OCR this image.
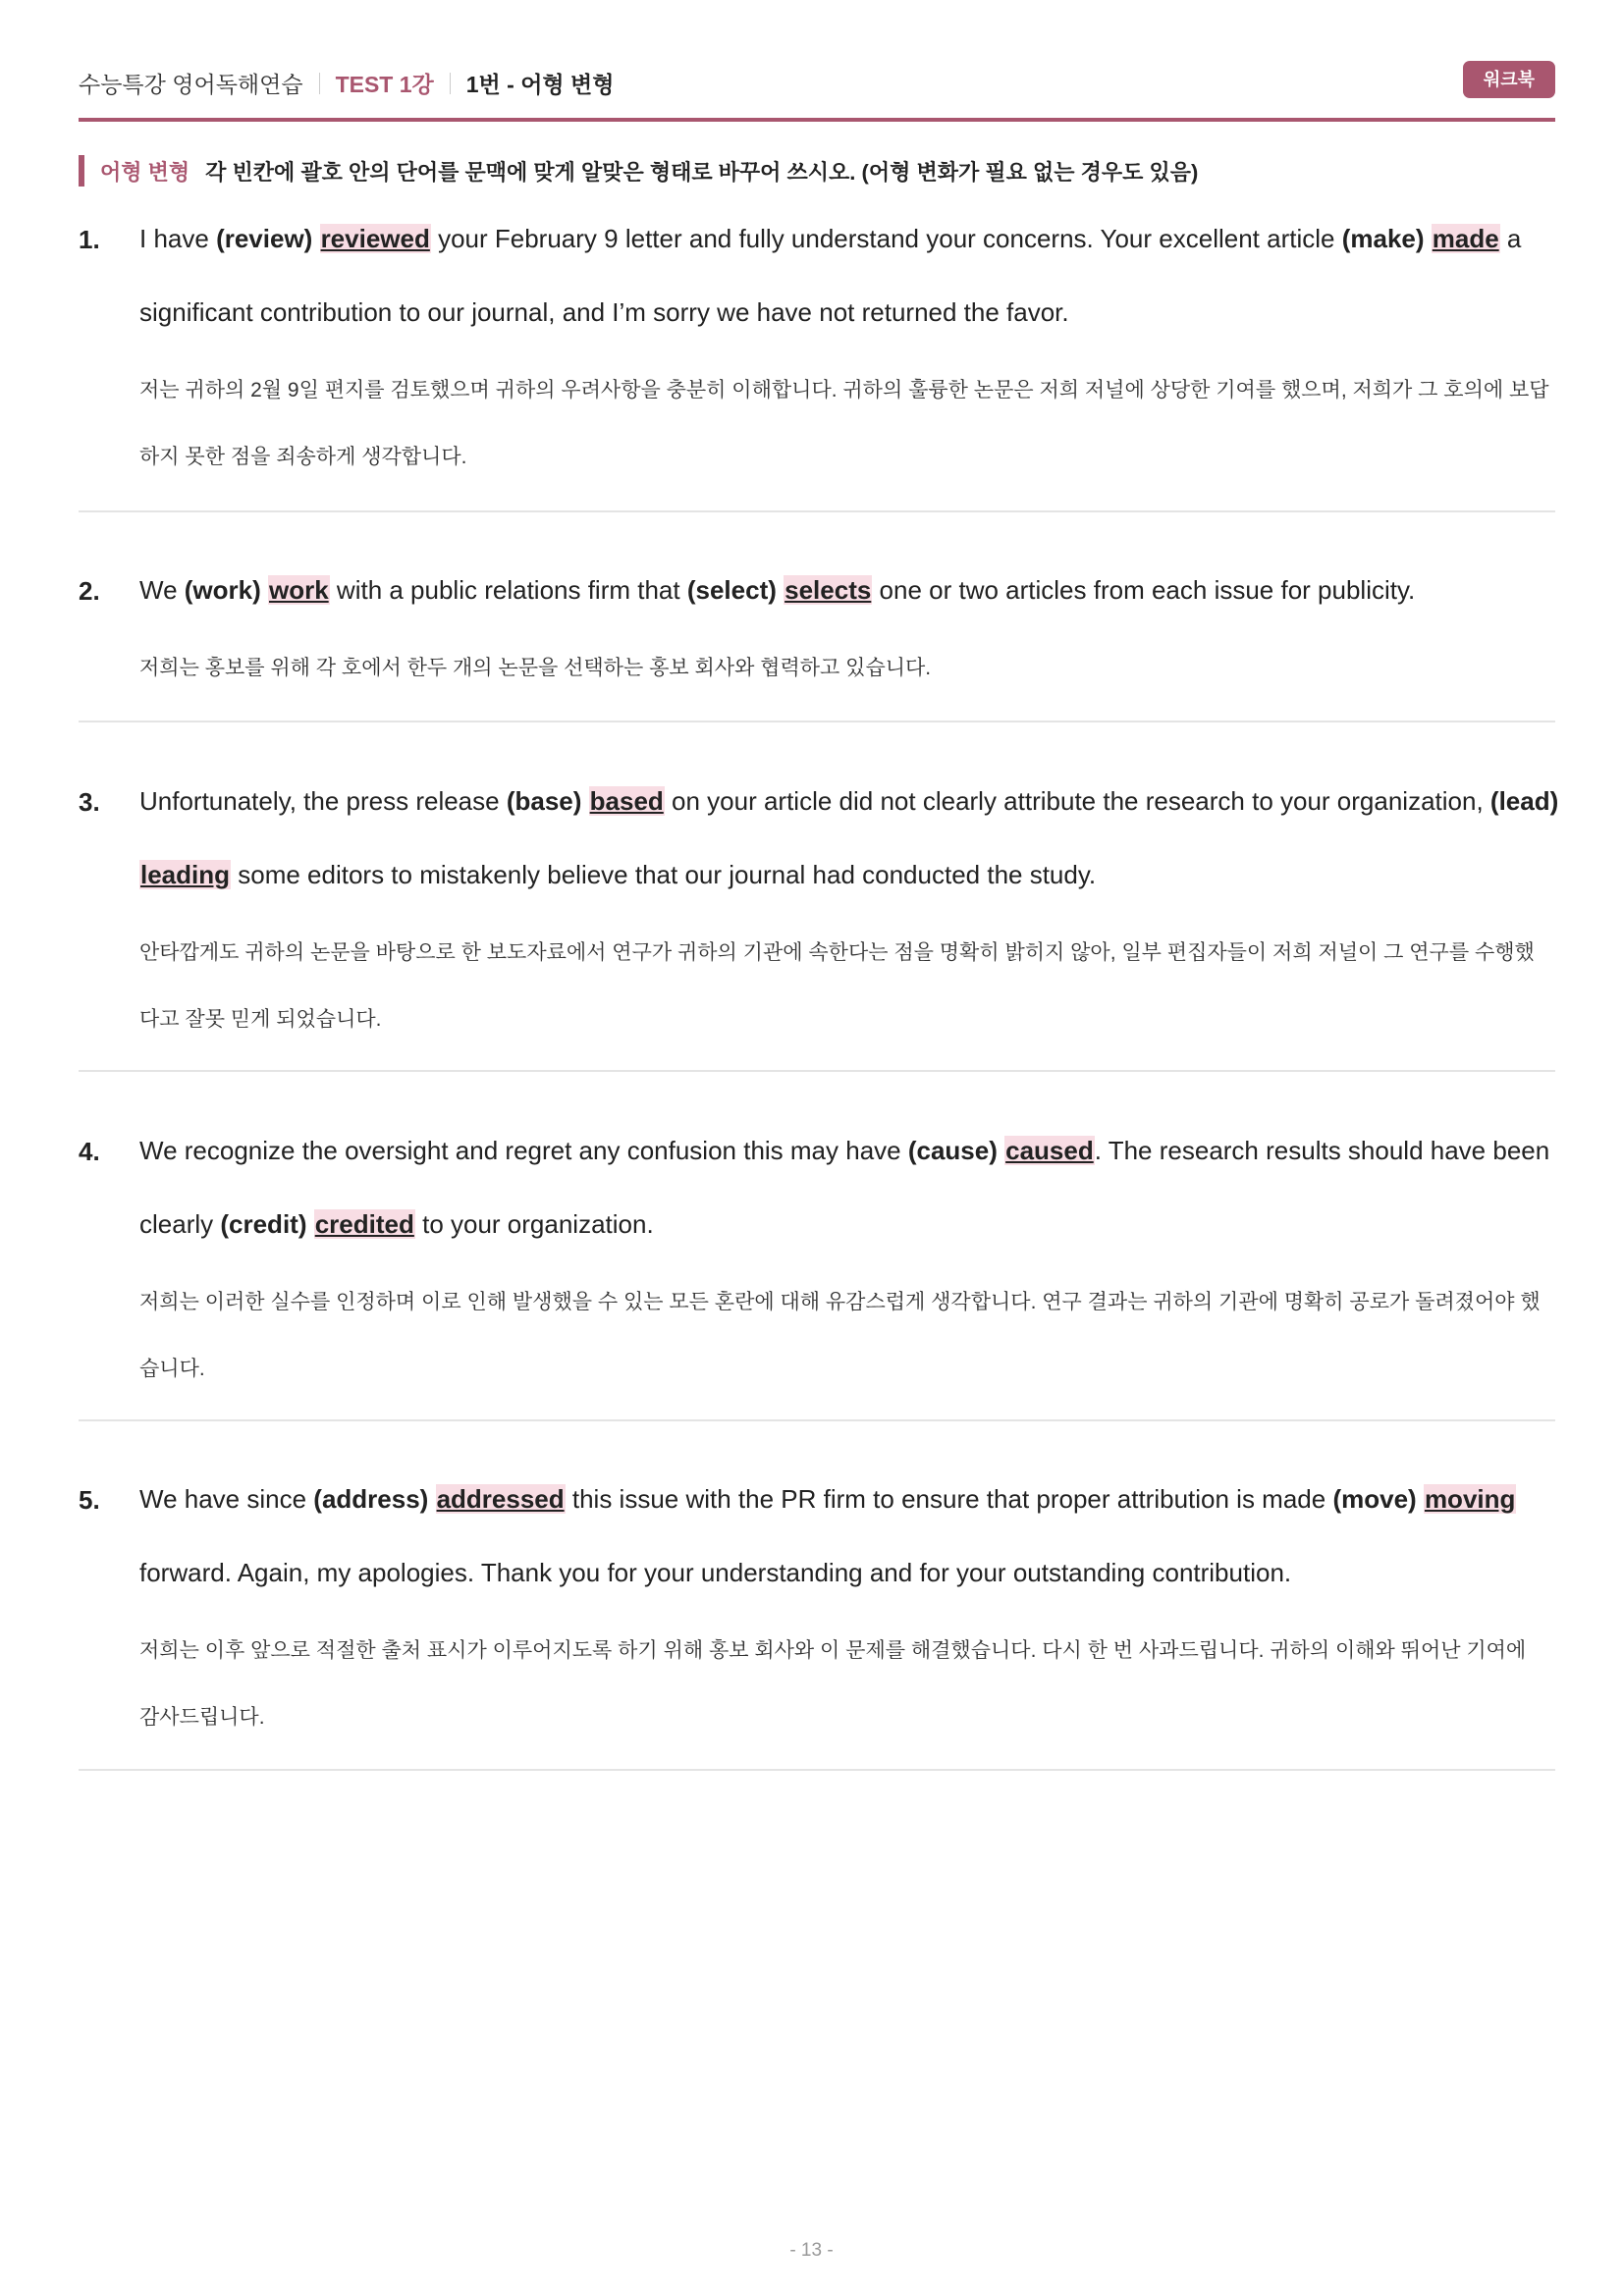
수능특강 영어독해연습 TEST 1강 1번 - 어형 변형	워크북
어형 변형 각 빈칸에 괄호 안의 단어를 문맥에 맞게 알맞은 형태로 바꾸어 쓰시오. (어형 변화가 필요 없는 경우도 있음)
1. I have (review) reviewed your February 9 letter and fully understand your concerns. Your excellent article (make) made a

significant contribution to our journal, and I’m sorry we have not returned the favor.

저는 귀하의 2월 9일 편지를 검토했으며 귀하의 우려사항을 충분히 이해합니다. 귀하의 훌륭한 논문은 저희 저널에 상당한 기여를 했으며, 저희가 그 호의에 보답

하지 못한 점을 죄송하게 생각합니다.

2. We (work) work with a public relations firm that (select) selects one or two articles from each issue for publicity.

저희는 홍보를 위해 각 호에서 한두 개의 논문을 선택하는 홍보 회사와 협력하고 있습니다.

3. Unfortunately, the press release (base) based on your article did not clearly attribute the research to your organization, (lead)

leading some editors to mistakenly believe that our journal had conducted the study.

안타깝게도 귀하의 논문을 바탕으로 한 보도자료에서 연구가 귀하의 기관에 속한다는 점을 명확히 밝히지 않아, 일부 편집자들이 저희 저널이 그 연구를 수행했

다고 잘못 믿게 되었습니다.

4. We recognize the oversight and regret any confusion this may have (cause) caused. The research results should have been

clearly (credit) credited to your organization.

저희는 이러한 실수를 인정하며 이로 인해 발생했을 수 있는 모든 혼란에 대해 유감스럽게 생각합니다. 연구 결과는 귀하의 기관에 명확히 공로가 돌려졌어야 했

습니다.

5. We have since (address) addressed this issue with the PR firm to ensure that proper attribution is made (move) moving

forward. Again, my apologies. Thank you for your understanding and for your outstanding contribution.

저희는 이후 앞으로 적절한 출처 표시가 이루어지도록 하기 위해 홍보 회사와 이 문제를 해결했습니다. 다시 한 번 사과드립니다. 귀하의 이해와 뛰어난 기여에

감사드립니다.

- 13 -
